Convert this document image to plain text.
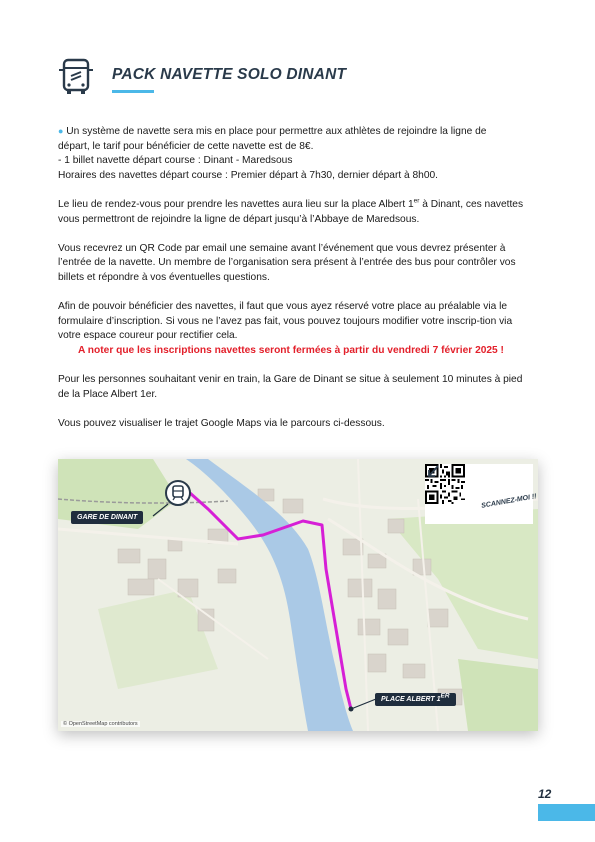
PACK NAVETTE SOLO DINANT

● Un système de navette sera mis en place pour permettre aux athlètes de rejoindre la ligne de
départ, le tarif pour bénéficier de cette navette est de 8€.
- 1 billet navette départ course : Dinant - Maredsous
Horaires des navettes départ course : Premier départ à 7h30, dernier départ à 8h00.

Le lieu de rendez-vous pour prendre les navettes aura lieu sur la place Albert 1er à Dinant, ces navettes vous permettront de rejoindre la ligne de départ jusqu’à l’Abbaye de Maredsous.

Vous recevrez un QR Code par email une semaine avant l’événement que vous devrez présenter à l’entrée de la navette. Un membre de l’organisation sera présent à l’entrée des bus pour contrôler vos billets et répondre à vos éventuelles questions.

Afin de pouvoir bénéficier des navettes, il faut que vous ayez réservé votre place au préalable via le formulaire d’inscription. Si vous ne l’avez pas fait, vous pouvez toujours modifier votre inscrip-tion via votre espace coureur pour rectifier cela.
A noter que les inscriptions navettes seront fermées à partir du vendredi 7 février 2025 !

Pour les personnes souhaitant venir en train, la Gare de Dinant se situe à seulement 10 minutes à pied de la Place Albert 1er.

Vous pouvez visualiser le trajet Google Maps via le parcours ci-dessous.

GARE DE DINANT
PLACE ALBERT 1ER
SCANNEZ-MOI !!
© OpenStreetMap contributors
12
